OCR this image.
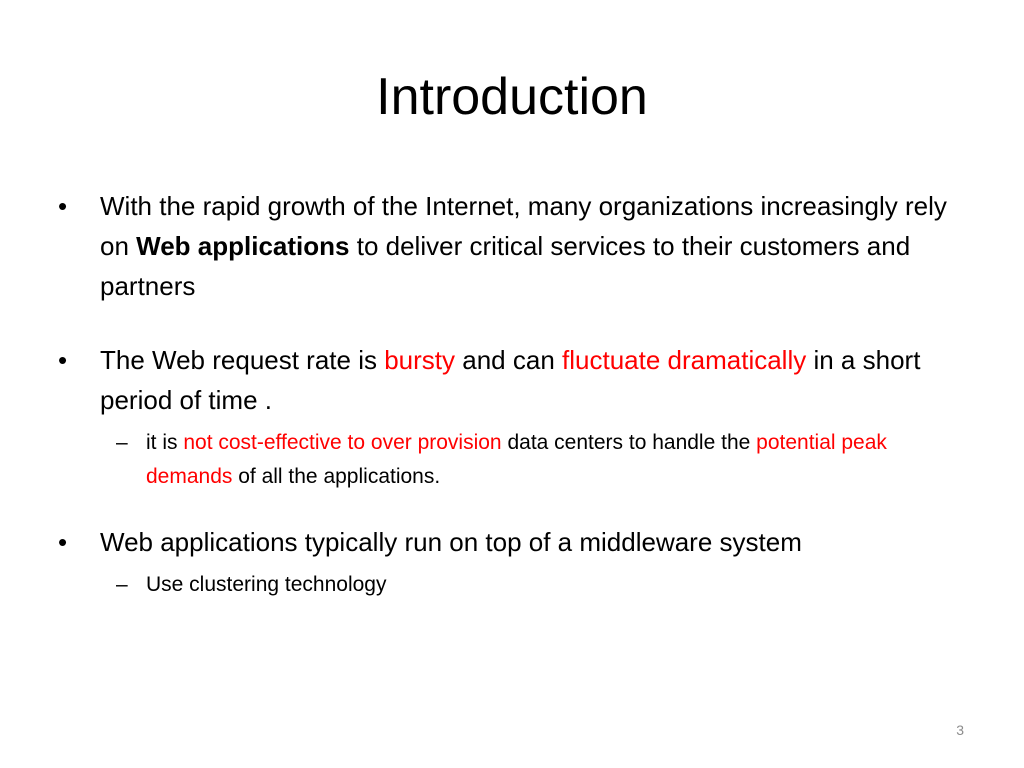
Introduction
•	With the rapid growth of the Internet, many organizations increasingly rely on Web applications to deliver critical services to their customers and partners
•	The Web request rate is bursty and can fluctuate dramatically in a short period of time .
– it is not cost-effective to over provision data centers to handle the potential peak demands of all the applications.
•	Web applications typically run on top of a middleware system
– Use clustering technology
3
